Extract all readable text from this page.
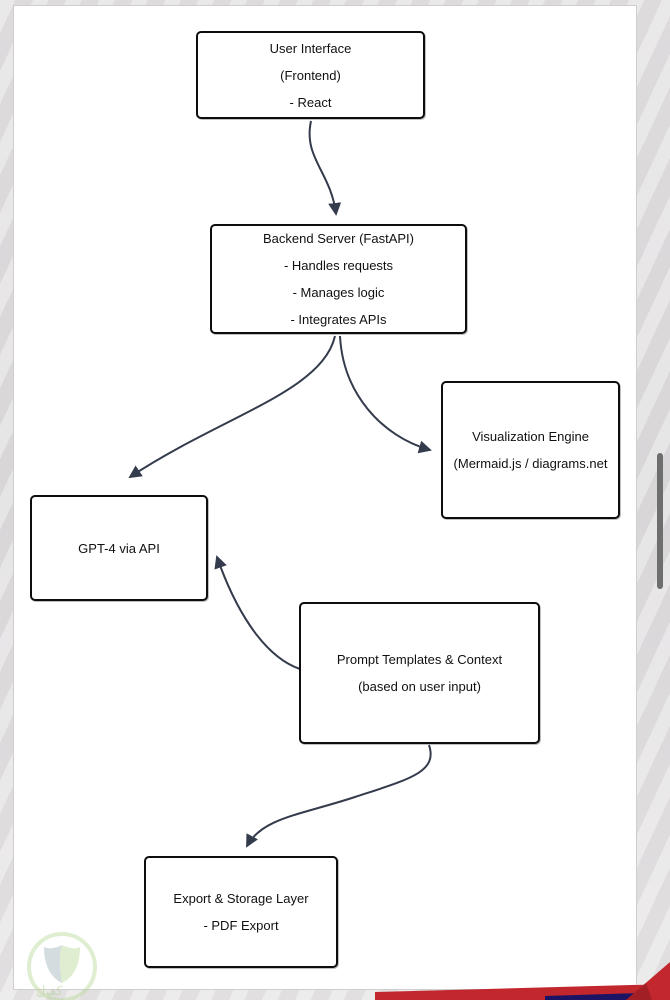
User Interface
(Frontend)
- React
Backend Server (FastAPI)
- Handles requests
- Manages logic
- Integrates APIs
Visualization Engine
(Mermaid.js / diagrams.net
GPT-4 via API
Prompt Templates & Context
(based on user input)
Export & Storage Layer
- PDF Export
كفيل
